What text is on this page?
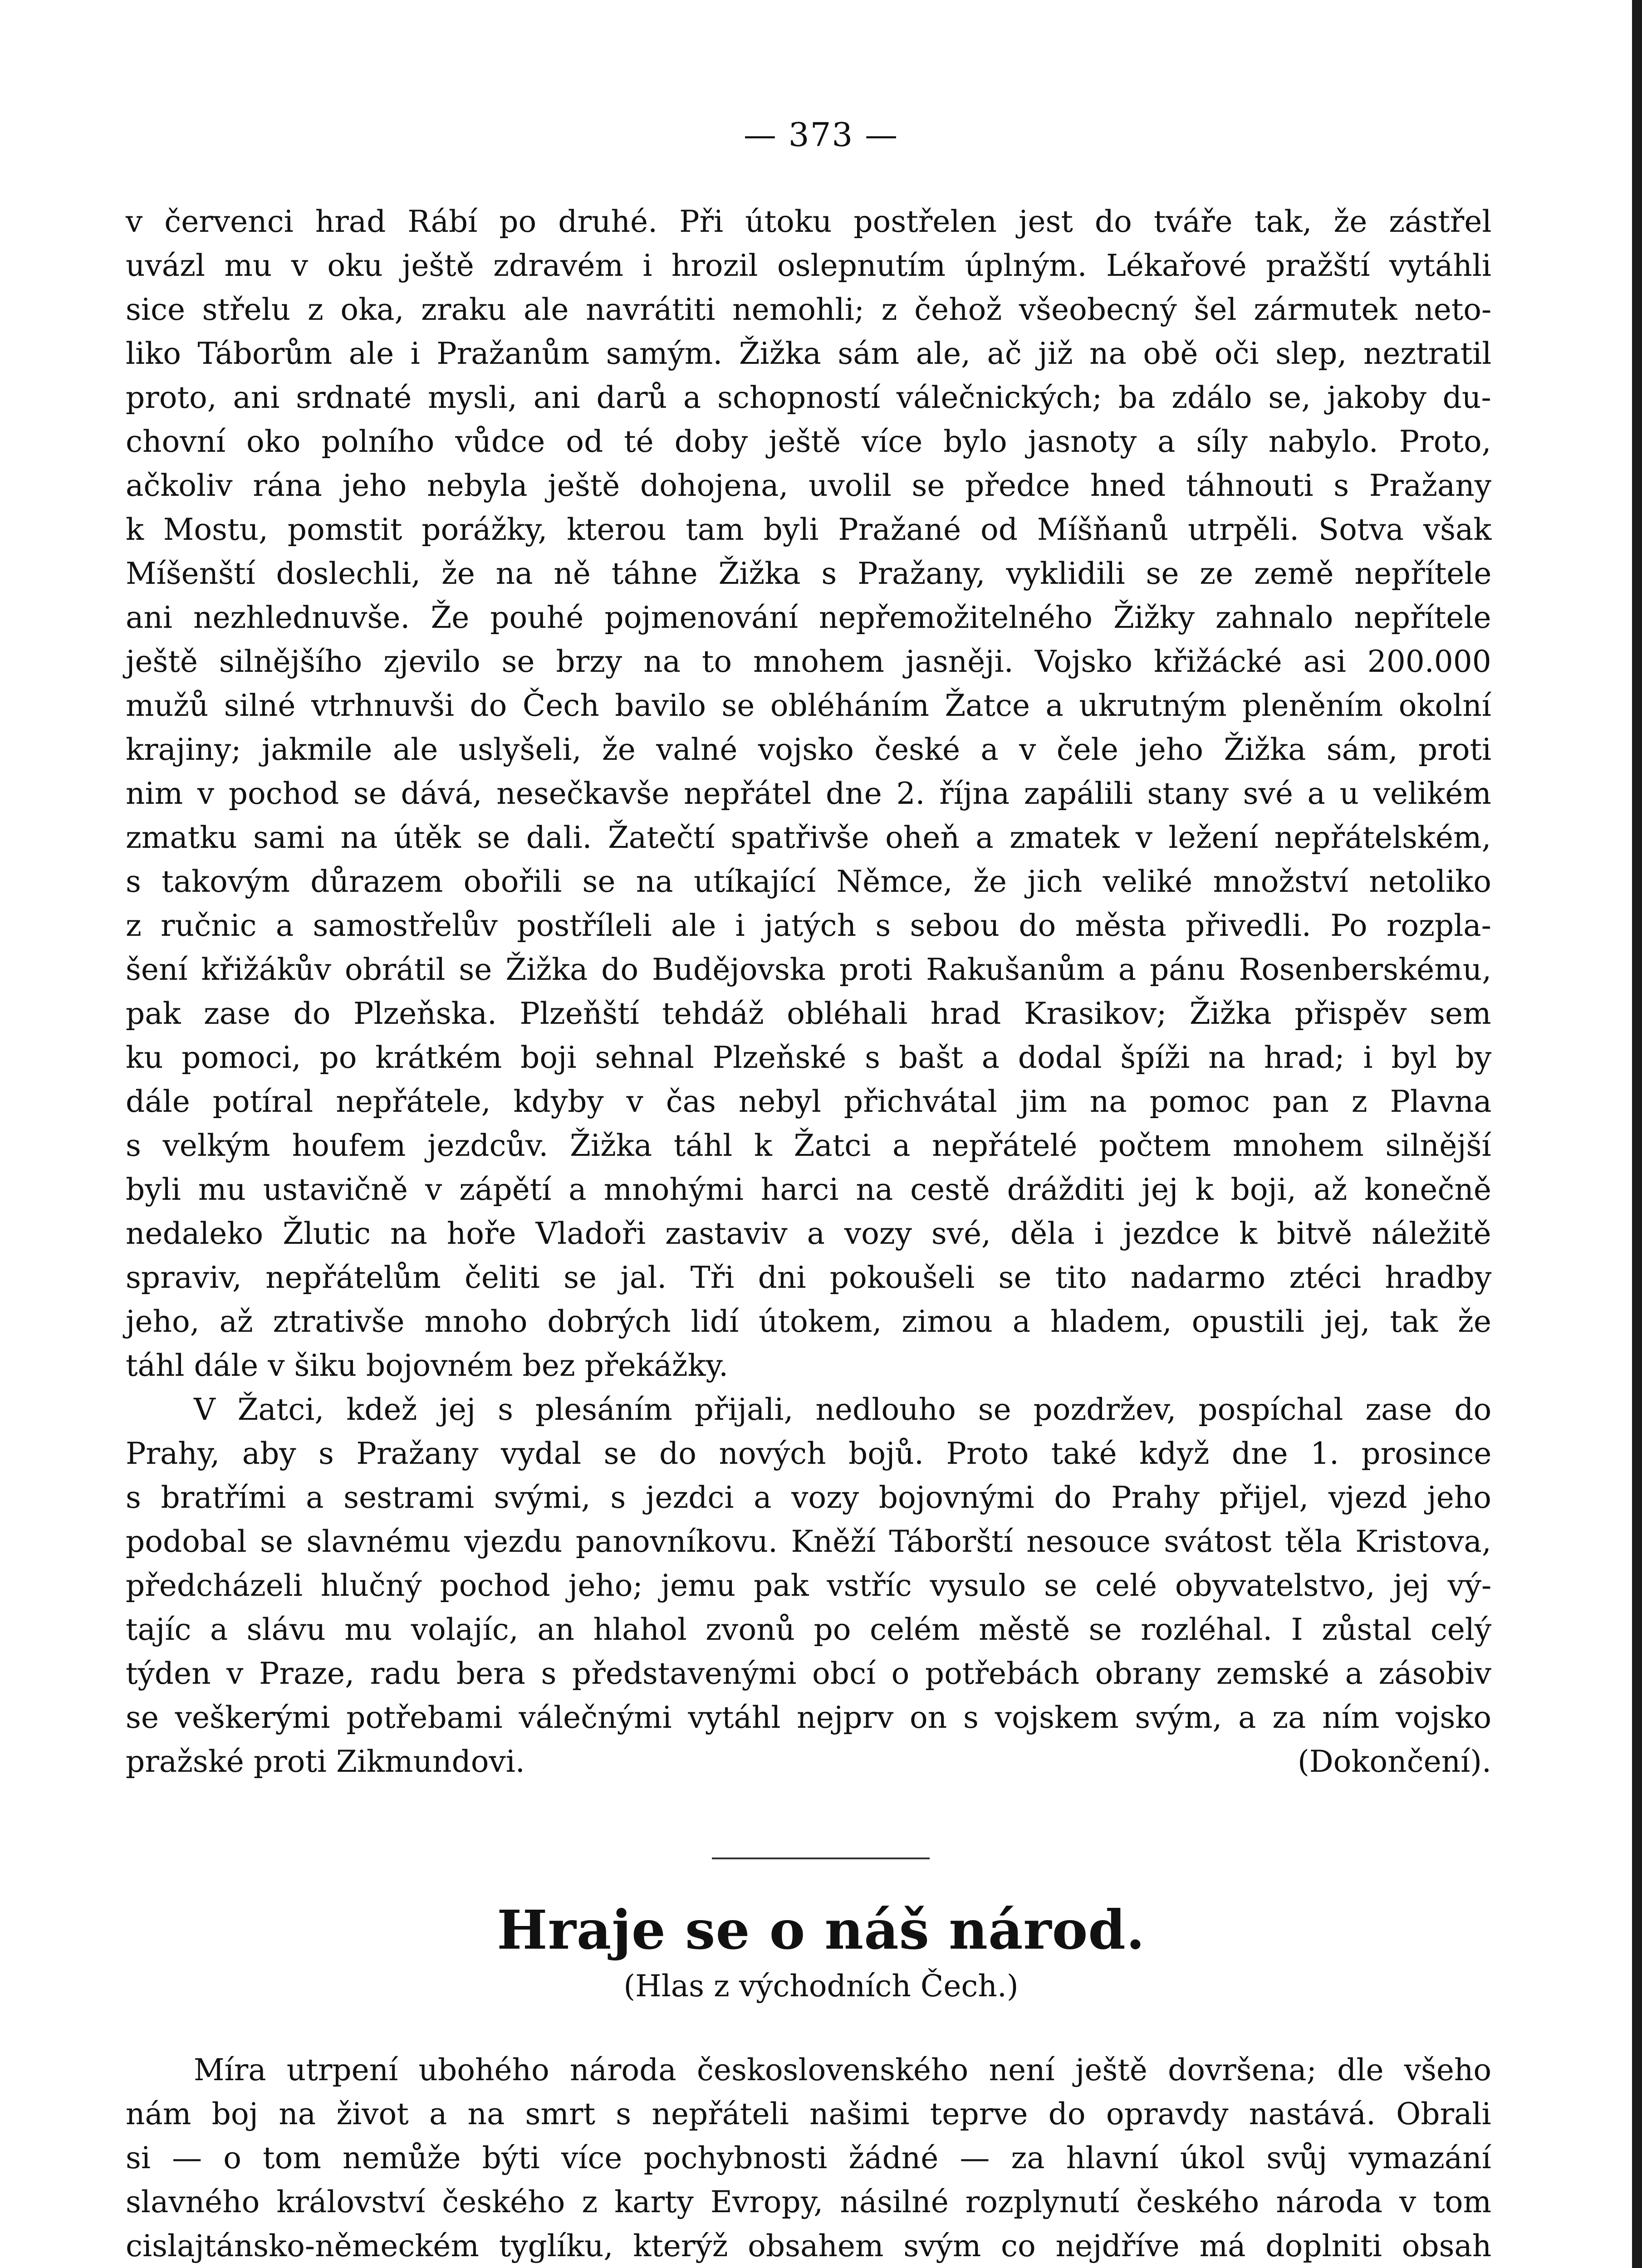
— 373 —
v červenci hrad Rábí po druhé. Při útoku postřelen jest do tváře tak, že zástřel
uvázl mu v oku ještě zdravém i hrozil oslepnutím úplným. Lékařové pražští vytáhli
sice střelu z oka, zraku ale navrátiti nemohli; z čehož všeobecný šel zármutek neto-
liko Táborům ale i Pražanům samým. Žižka sám ale, ač již na obě oči slep, neztratil
proto, ani srdnaté mysli, ani darů a schopností válečnických; ba zdálo se, jakoby du-
chovní oko polního vůdce od té doby ještě více bylo jasnoty a síly nabylo. Proto,
ačkoliv rána jeho nebyla ještě dohojena, uvolil se předce hned táhnouti s Pražany
k Mostu, pomstit porážky, kterou tam byli Pražané od Míšňanů utrpěli. Sotva však
Míšenští doslechli, že na ně táhne Žižka s Pražany, vyklidili se ze země nepřítele
ani nezhlednuvše. Že pouhé pojmenování nepřemožitelného Žižky zahnalo nepřítele
ještě silnějšího zjevilo se brzy na to mnohem jasněji. Vojsko křižácké asi 200.000
mužů silné vtrhnuvši do Čech bavilo se obléháním Žatce a ukrutným pleněním okolní
krajiny; jakmile ale uslyšeli, že valné vojsko české a v čele jeho Žižka sám, proti
nim v pochod se dává, nesečkavše nepřátel dne 2. října zapálili stany své a u velikém
zmatku sami na útěk se dali. Žatečtí spatřivše oheň a zmatek v ležení nepřátelském,
s takovým důrazem obořili se na utíkající Němce, že jich veliké množství netoliko
z ručnic a samostřelův postříleli ale i jatých s sebou do města přivedli. Po rozpla-
šení křižákův obrátil se Žižka do Budějovska proti Rakušanům a pánu Rosenberskému,
pak zase do Plzeňska. Plzeňští tehdáž obléhali hrad Krasikov; Žižka přispěv sem
ku pomoci, po krátkém boji sehnal Plzeňské s bašt a dodal špíži na hrad; i byl by
dále potíral nepřátele, kdyby v čas nebyl přichvátal jim na pomoc pan z Plavna
s velkým houfem jezdcův. Žižka táhl k Žatci a nepřátelé počtem mnohem silnější
byli mu ustavičně v zápětí a mnohými harci na cestě drážditi jej k boji, až konečně
nedaleko Žlutic na hoře Vladoři zastaviv a vozy své, děla i jezdce k bitvě náležitě
spraviv, nepřátelům čeliti se jal. Tři dni pokoušeli se tito nadarmo ztéci hradby
jeho, až ztrativše mnoho dobrých lidí útokem, zimou a hladem, opustili jej, tak že
táhl dále v šiku bojovném bez překážky.
V Žatci, kdež jej s plesáním přijali, nedlouho se pozdržev, pospíchal zase do
Prahy, aby s Pražany vydal se do nových bojů. Proto také když dne 1. prosince
s bratřími a sestrami svými, s jezdci a vozy bojovnými do Prahy přijel, vjezd jeho
podobal se slavnému vjezdu panovníkovu. Kněží Táborští nesouce svátost těla Kristova,
předcházeli hlučný pochod jeho; jemu pak vstříc vysulo se celé obyvatelstvo, jej vý-
tajíc a slávu mu volajíc, an hlahol zvonů po celém městě se rozléhal. I zůstal celý
týden v Praze, radu bera s představenými obcí o potřebách obrany zemské a zásobiv
se veškerými potřebami válečnými vytáhl nejprv on s vojskem svým, a za ním vojsko
pražské proti Zikmundovi.	(Dokončení).
Hraje se o náš národ.
(Hlas z východních Čech.)
Míra utrpení ubohého národa československého není ještě dovršena; dle všeho
nám boj na život a na smrt s nepřáteli našimi teprve do opravdy nastává. Obrali
si — o tom nemůže býti více pochybnosti žádné — za hlavní úkol svůj vymazání
slavného království českého z karty Evropy, násilné rozplynutí českého národa v tom
cislajtánsko-německém tyglíku, kterýž obsahem svým co nejdříve má doplniti obsah
